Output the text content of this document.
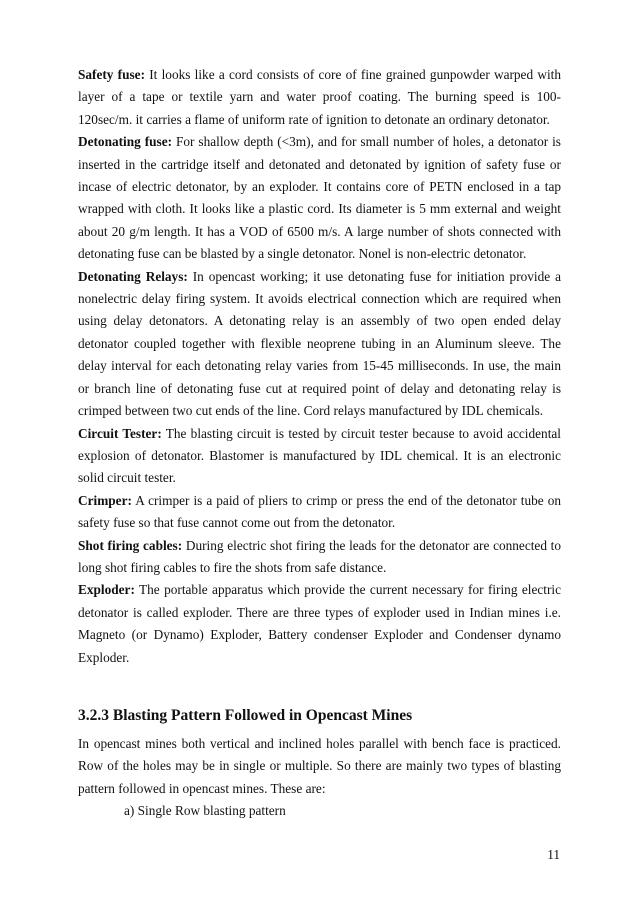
Safety fuse: It looks like a cord consists of core of fine grained gunpowder warped with layer of a tape or textile yarn and water proof coating. The burning speed is 100-120sec/m. it carries a flame of uniform rate of ignition to detonate an ordinary detonator.

Detonating fuse: For shallow depth (<3m), and for small number of holes, a detonator is inserted in the cartridge itself and detonated and detonated by ignition of safety fuse or incase of electric detonator, by an exploder. It contains core of PETN enclosed in a tap wrapped with cloth. It looks like a plastic cord. Its diameter is 5 mm external and weight about 20 g/m length. It has a VOD of 6500 m/s. A large number of shots connected with detonating fuse can be blasted by a single detonator. Nonel is non-electric detonator.

Detonating Relays: In opencast working; it use detonating fuse for initiation provide a nonelectric delay firing system. It avoids electrical connection which are required when using delay detonators. A detonating relay is an assembly of two open ended delay detonator coupled together with flexible neoprene tubing in an Aluminum sleeve. The delay interval for each detonating relay varies from 15-45 milliseconds. In use, the main or branch line of detonating fuse cut at required point of delay and detonating relay is crimped between two cut ends of the line. Cord relays manufactured by IDL chemicals.

Circuit Tester: The blasting circuit is tested by circuit tester because to avoid accidental explosion of detonator. Blastomer is manufactured by IDL chemical. It is an electronic solid circuit tester.

Crimper: A crimper is a paid of pliers to crimp or press the end of the detonator tube on safety fuse so that fuse cannot come out from the detonator.

Shot firing cables: During electric shot firing the leads for the detonator are connected to long shot firing cables to fire the shots from safe distance.

Exploder: The portable apparatus which provide the current necessary for firing electric detonator is called exploder. There are three types of exploder used in Indian mines i.e. Magneto (or Dynamo) Exploder, Battery condenser Exploder and Condenser dynamo Exploder.

3.2.3 Blasting Pattern Followed in Opencast Mines

In opencast mines both vertical and inclined holes parallel with bench face is practiced. Row of the holes may be in single or multiple. So there are mainly two types of blasting pattern followed in opencast mines. These are:

a) Single Row blasting pattern

11
